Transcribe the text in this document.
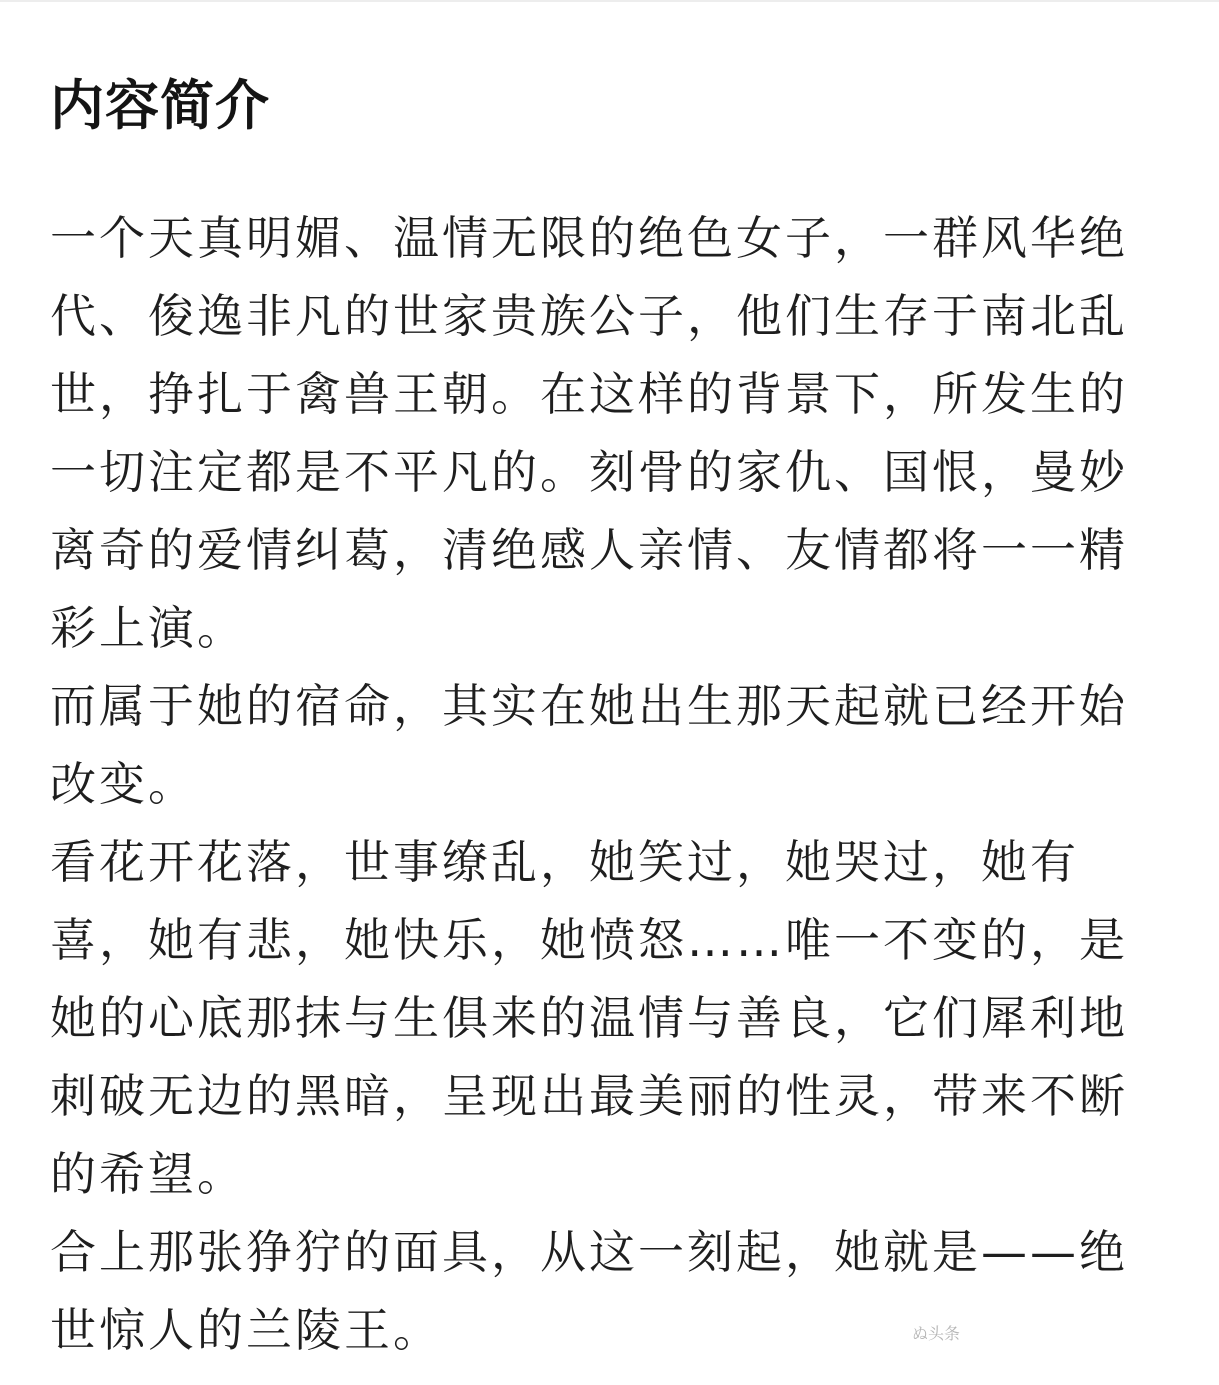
内容简介
一个天真明媚、温情无限的绝色女子，一群风华绝
代、俊逸非凡的世家贵族公子，他们生存于南北乱
世，挣扎于禽兽王朝。在这样的背景下，所发生的
一切注定都是不平凡的。刻骨的家仇、国恨，曼妙
离奇的爱情纠葛，清绝感人亲情、友情都将一一精
彩上演。
而属于她的宿命，其实在她出生那天起就已经开始
改变。
看花开花落，世事缭乱，她笑过，她哭过，她有
喜，她有悲，她快乐，她愤怒……唯一不变的，是
她的心底那抹与生俱来的温情与善良，它们犀利地
刺破无边的黑暗，呈现出最美丽的性灵，带来不断
的希望。
合上那张狰狞的面具，从这一刻起，她就是——绝
世惊人的兰陵王。	ぬ头条
